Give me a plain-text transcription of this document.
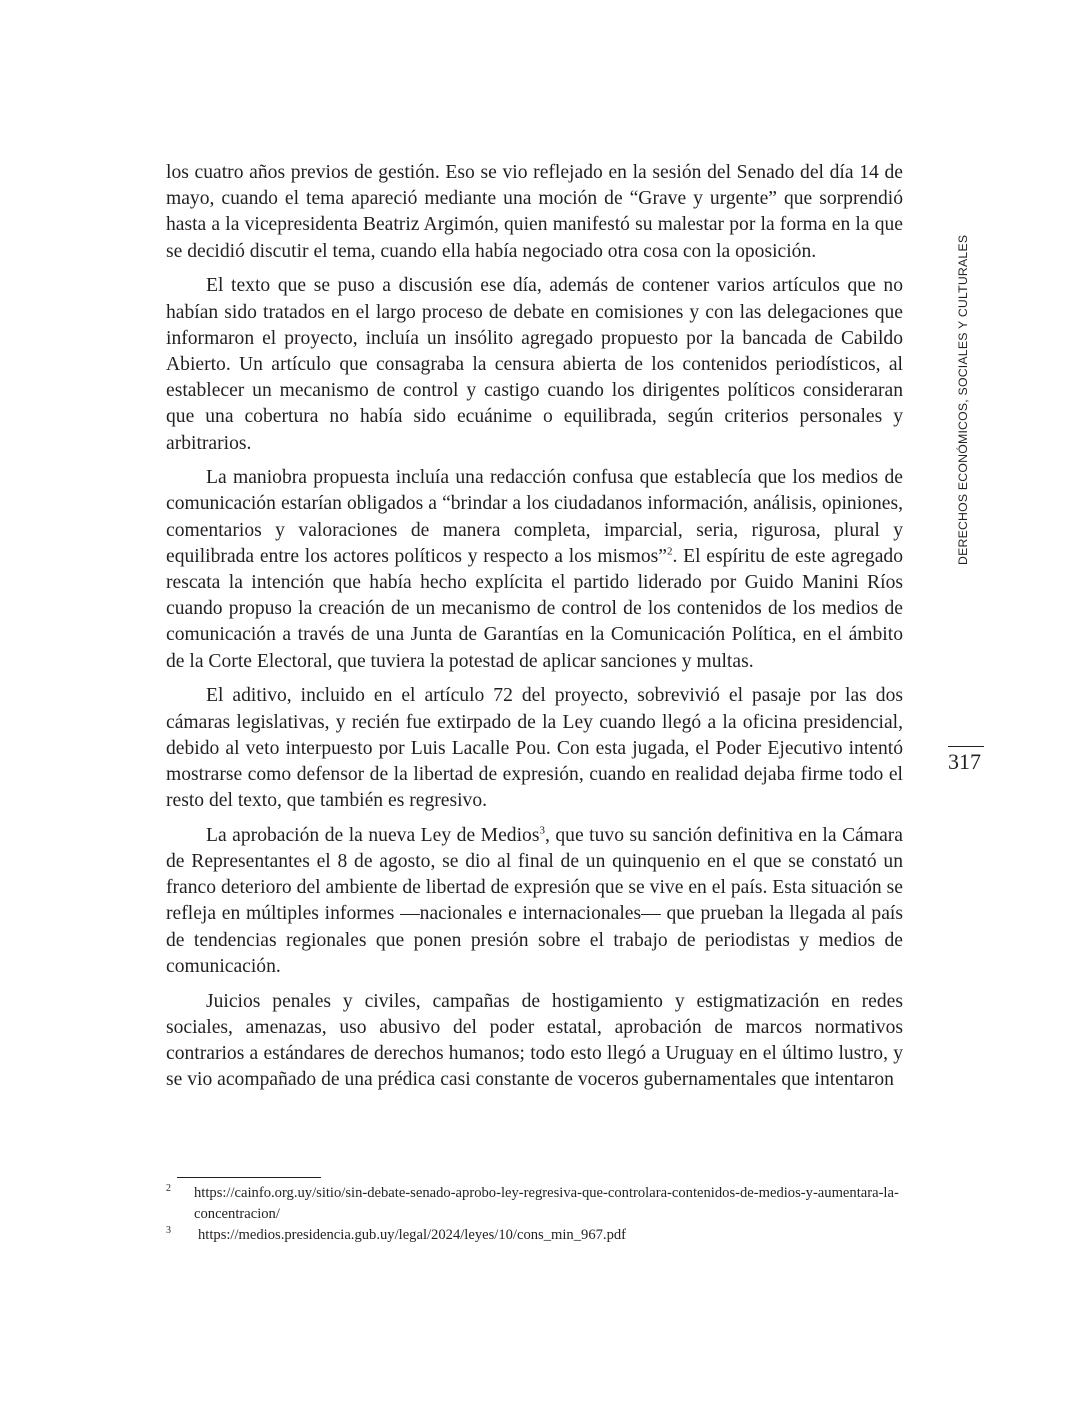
los cuatro años previos de gestión. Eso se vio reflejado en la sesión del Senado del día 14 de mayo, cuando el tema apareció mediante una moción de “Grave y urgente” que sorprendió hasta a la vicepresidenta Beatriz Argimón, quien manifestó su malestar por la forma en la que se decidió discutir el tema, cuando ella había negociado otra cosa con la oposición.

El texto que se puso a discusión ese día, además de contener varios artículos que no habían sido tratados en el largo proceso de debate en comisiones y con las delegaciones que informaron el proyecto, incluía un insólito agregado propuesto por la bancada de Cabildo Abierto. Un artículo que consagraba la censura abierta de los contenidos periodísticos, al establecer un mecanismo de control y castigo cuando los dirigentes políticos consideraran que una cobertura no había sido ecuánime o equilibrada, según criterios personales y arbitrarios.

La maniobra propuesta incluía una redacción confusa que establecía que los medios de comunicación estarían obligados a “brindar a los ciudadanos información, análisis, opiniones, comentarios y valoraciones de manera completa, imparcial, seria, rigurosa, plural y equilibrada entre los actores políticos y respecto a los mismos”$^2$. El espíritu de este agregado rescata la intención que había hecho explícita el partido liderado por Guido Manini Ríos cuando propuso la creación de un mecanismo de control de los contenidos de los medios de comunicación a través de una Junta de Garantías en la Comunicación Política, en el ámbito de la Corte Electoral, que tuviera la potestad de aplicar sanciones y multas.

El aditivo, incluido en el artículo 72 del proyecto, sobrevivió el pasaje por las dos cámaras legislativas, y recién fue extirpado de la Ley cuando llegó a la oficina presidencial, debido al veto interpuesto por Luis Lacalle Pou. Con esta jugada, el Poder Ejecutivo intentó mostrarse como defensor de la libertad de expresión, cuando en realidad dejaba firme todo el resto del texto, que también es regresivo.

La aprobación de la nueva Ley de Medios$^3$, que tuvo su sanción definitiva en la Cámara de Representantes el 8 de agosto, se dio al final de un quinquenio en el que se constató un franco deterioro del ambiente de libertad de expresión que se vive en el país. Esta situación se refleja en múltiples informes —nacionales e internacionales— que prueban la llegada al país de tendencias regionales que ponen presión sobre el trabajo de periodistas y medios de comunicación.

Juicios penales y civiles, campañas de hostigamiento y estigmatización en redes sociales, amenazas, uso abusivo del poder estatal, aprobación de marcos normativos contrarios a estándares de derechos humanos; todo esto llegó a Uruguay en el último lustro, y se vio acompañado de una prédica casi constante de voceros gubernamentales que intentaron

DERECHOS ECONÓMICOS, SOCIALES Y CULTURALES
317
2 https://cainfo.org.uy/sitio/sin-debate-senado-aprobo-ley-regresiva-que-controlara-contenidos-de-medios-y-aumentara-la-concentracion/
3 https://medios.presidencia.gub.uy/legal/2024/leyes/10/cons_min_967.pdf
